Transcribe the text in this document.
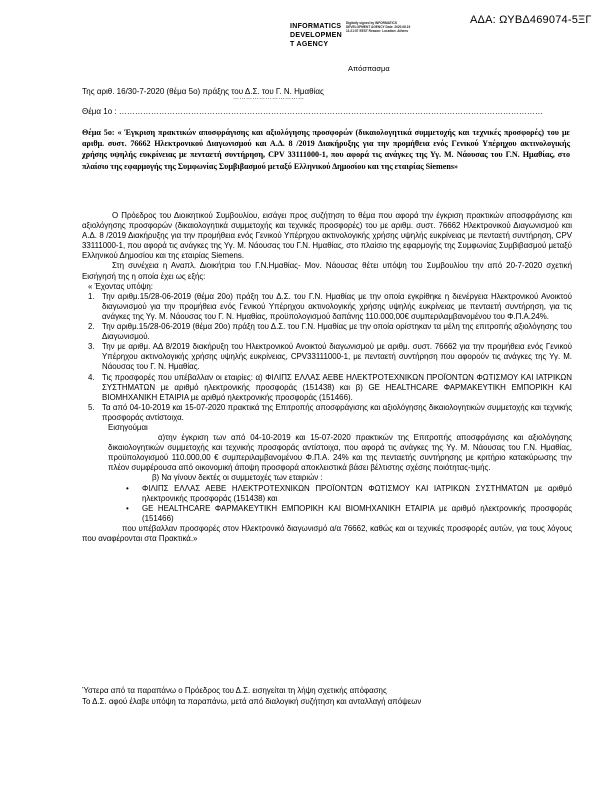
ΑΔΑ: ΩΥΒΔ469074-5ΞΓ
INFORMATICS
DEVELOPMEN
T AGENCY
Digitally signed by INFORMATICS DEVELOPMENT AGENCY Date: 2020.08.19 11:21:57 EEST Reason: Location: Athens
Απόσπασμα
Της αριθ. 16/30-7-2020 (θέμα 5ο) πράξης του Δ.Σ. του Γ. Ν. Ημαθίας
……………………………
Θέμα 1ο : ……………………………………………………………………………………………………………………………………………
Θέμα 5ο: « Έγκριση πρακτικών αποσφράγισης και αξιολόγησης προσφορών (δικαιολογητικά συμμετοχής και τεχνικές προσφορές) του με αριθμ. συστ. 76662 Ηλεκτρονικού Διαγωνισμού και Α.Δ. 8 /2019 Διακήρυξης για την προμήθεια ενός Γενικού Υπέρηχου ακτινολογικής χρήσης υψηλής ευκρίνειας με πενταετή συντήρηση, CPV 33111000-1, που αφορά τις ανάγκες της Υγ. Μ. Νάουσας του Γ.Ν. Ημαθίας, στο πλαίσιο της εφαρμογής της Συμφωνίας Συμβιβασμού μεταξύ Ελληνικού Δημοσίου και της εταιρίας Siemens»

Ο Πρόεδρος του Διοικητικού Συμβουλίου, εισάγει προς συζήτηση το θέμα που αφορά την έγκριση πρακτικών αποσφράγισης και αξιολόγησης προσφορών (δικαιολογητικά συμμετοχής και τεχνικές προσφορές) του με αριθμ. συστ. 76662 Ηλεκτρονικού Διαγωνισμού και Α.Δ. 8 /2019 Διακήρυξης για την προμήθεια ενός Γενικού Υπέρηχου ακτινολογικής χρήσης υψηλής ευκρίνειας με πενταετή συντήρηση, CPV 33111000-1, που αφορά τις ανάγκες της Υγ. Μ. Νάουσας του Γ.Ν. Ημαθίας, στο πλαίσιο της εφαρμογής της Συμφωνίας Συμβιβασμού μεταξύ Ελληνικού Δημοσίου και της εταιρίας Siemens.

Στη συνέχεια η Αναπλ. Διοικήτρια του Γ.Ν.Ημαθίας- Μον. Νάουσας θέτει υπόψη του Συμβουλίου την από 20-7-2020 σχετική Εισήγησή της η οποία έχει ως εξής:

« Έχοντας υπόψη:

1. Την αριθμ.15/28-06-2019 (θέμα 20ο) πράξη του Δ.Σ. του Γ.Ν. Ημαθίας με την οποία εγκρίθηκε η διενέργεια Ηλεκτρονικού Ανοικτού διαγωνισμού για την προμήθεια ενός Γενικού Υπέρηχου ακτινολογικής χρήσης υψηλής ευκρίνειας με πενταετή συντήρηση, για τις ανάγκες της Υγ. Μ. Νάουσας του Γ. Ν. Ημαθίας, προϋπολογισμού δαπάνης 110.000,00€ συμπεριλαμβανομένου του Φ.Π.Α.24%.
2. Την αριθμ.15/28-06-2019 (θέμα 20ο) πράξη του Δ.Σ. του Γ.Ν. Ημαθίας με την οποία ορίστηκαν τα μέλη της επιτροπής αξιολόγησης του Διαγωνισμού.
3. Την με αριθμ. ΑΔ 8/2019 διακήρυξη του Ηλεκτρονικού Ανοικτού διαγωνισμού με αριθμ. συστ. 76662 για την προμήθεια ενός Γενικού Υπέρηχου ακτινολογικής χρήσης υψηλής ευκρίνειας, CPV33111000-1, με πενταετή συντήρηση που αφορούν τις ανάγκες της Υγ. Μ. Νάουσας του Γ. Ν. Ημαθίας.
4. Τις προσφορές που υπέβαλλαν οι εταιρίες: α) ΦΙΛΙΠΣ ΕΛΛΑΣ ΑΕΒΕ ΗΛΕΚΤΡΟΤΕΧΝΙΚΩΝ ΠΡΟΪΟΝΤΩΝ ΦΩΤΙΣΜΟΥ ΚΑΙ ΙΑΤΡΙΚΩΝ ΣΥΣΤΗΜΑΤΩΝ με αριθμό ηλεκτρονικής προσφοράς (151438) και β) GE HEALTHCARE ΦΑΡΜΑΚΕΥΤΙΚΗ ΕΜΠΟΡΙΚΗ ΚΑΙ ΒΙΟΜΗΧΑΝΙΚΗ ΕΤΑΙΡΙΑ με αριθμό ηλεκτρονικής προσφοράς (151466).
5. Τα από 04-10-2019 και 15-07-2020 πρακτικά της Επιτροπής αποσφράγισης και αξιολόγησης δικαιολογητικών συμμετοχής και τεχνικής προσφοράς αντίστοιχα.

Εισηγούμαι

α)την έγκριση των από 04-10-2019 και 15-07-2020 πρακτικών της Επιτροπής αποσφράγισης και αξιολόγησης δικαιολογητικών συμμετοχής και τεχνικής προσφοράς αντίστοιχα, που αφορά τις ανάγκες της Υγ. Μ. Νάουσας του Γ.Ν. Ημαθίας, προϋπολογισμού 110.000,00 € συμπεριλαμβανομένου Φ.Π.Α. 24% και της πενταετής συντήρησης με κριτήριο κατακύρωσης την πλέον συμφέρουσα από οικονομική άποψη προσφορά αποκλειστικά βάσει βέλτιστης σχέσης ποιότητας-τιμής.

β) Να γίνουν δεκτές οι συμμετοχές των εταιριών :

•	ΦΙΛΙΠΣ ΕΛΛΑΣ ΑΕΒΕ ΗΛΕΚΤΡΟΤΕΧΝΙΚΩΝ ΠΡΟΪΟΝΤΩΝ ΦΩΤΙΣΜΟΥ ΚΑΙ ΙΑΤΡΙΚΩΝ ΣΥΣΤΗΜΑΤΩΝ με αριθμό ηλεκτρονικής προσφοράς (151438) και
•	GE HEALTHCARE ΦΑΡΜΑΚΕΥΤΙΚΗ ΕΜΠΟΡΙΚΗ ΚΑΙ ΒΙΟΜΗΧΑΝΙΚΗ ΕΤΑΙΡΙΑ με αριθμό ηλεκτρονικής προσφοράς (151466)

που υπέβαλλαν προσφορές στον Ηλεκτρονικό διαγωνισμό α/α 76662, καθώς και οι τεχνικές προσφορές αυτών, για τους λόγους που αναφέρονται στα Πρακτικά.»

Ύστερα από τα παραπάνω ο Πρόεδρος του Δ.Σ. εισηγείται τη λήψη σχετικής απόφασης

Το Δ.Σ. αφού έλαβε υπόψη τα παραπάνω, μετά από διαλογική συζήτηση και ανταλλαγή απόψεων
